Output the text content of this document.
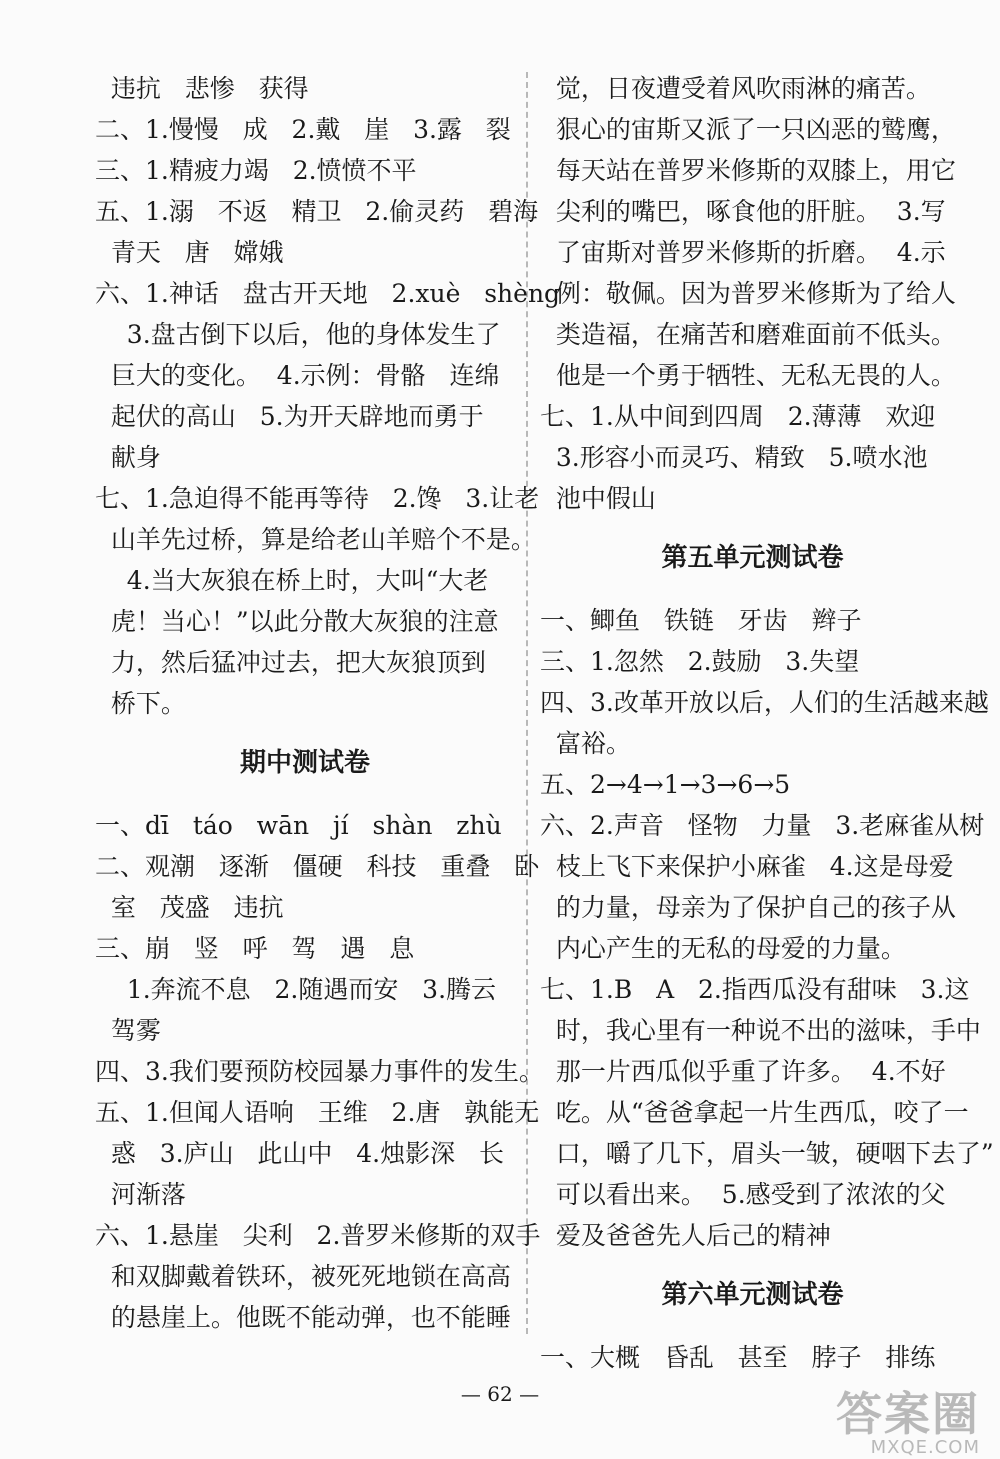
违抗   悲惨   获得
二、1.慢慢   成   2.戴   崖   3.露   裂
三、1.精疲力竭   2.愤愤不平
五、1.溺   不返   精卫   2.偷灵药   碧海
青天   唐   嫦娥
六、1.神话   盘古开天地   2.xuè   shèng
3.盘古倒下以后，他的身体发生了
巨大的变化。  4.示例：骨骼   连绵
起伏的高山   5.为开天辟地而勇于
献身
七、1.急迫得不能再等待   2.馋   3.让老
山羊先过桥，算是给老山羊赔个不是。
4.当大灰狼在桥上时，大叫“大老
虎！当心！”以此分散大灰狼的注意
力，然后猛冲过去，把大灰狼顶到
桥下。
期中测试卷
一、dī   táo   wān   jí   shàn   zhù
二、观潮   逐渐   僵硬   科技   重叠   卧
室   茂盛   违抗
三、崩   竖   呼   驾   遇   息
1.奔流不息   2.随遇而安   3.腾云
驾雾
四、3.我们要预防校园暴力事件的发生。
五、1.但闻人语响   王维   2.唐   孰能无
惑   3.庐山   此山中   4.烛影深   长
河渐落
六、1.悬崖   尖利   2.普罗米修斯的双手
和双脚戴着铁环，被死死地锁在高高
的悬崖上。他既不能动弹，也不能睡
觉，日夜遭受着风吹雨淋的痛苦。
狠心的宙斯又派了一只凶恶的鹫鹰，
每天站在普罗米修斯的双膝上，用它
尖利的嘴巴，啄食他的肝脏。  3.写
了宙斯对普罗米修斯的折磨。  4.示
例：敬佩。因为普罗米修斯为了给人
类造福，在痛苦和磨难面前不低头。
他是一个勇于牺牲、无私无畏的人。
七、1.从中间到四周   2.薄薄   欢迎
3.形容小而灵巧、精致   5.喷水池
池中假山
第五单元测试卷
一、鲫鱼   铁链   牙齿   辫子
三、1.忽然   2.鼓励   3.失望
四、3.改革开放以后，人们的生活越来越
富裕。
五、2→4→1→3→6→5
六、2.声音   怪物   力量   3.老麻雀从树
枝上飞下来保护小麻雀   4.这是母爱
的力量，母亲为了保护自己的孩子从
内心产生的无私的母爱的力量。
七、1.B   A   2.指西瓜没有甜味   3.这
时，我心里有一种说不出的滋味，手中
那一片西瓜似乎重了许多。  4.不好
吃。从“爸爸拿起一片生西瓜，咬了一
口，嚼了几下，眉头一皱，硬咽下去了”
可以看出来。  5.感受到了浓浓的父
爱及爸爸先人后己的精神
第六单元测试卷
一、大概   昏乱   甚至   脖子   排练
— 62 —	答案圈
MXQE.COM
